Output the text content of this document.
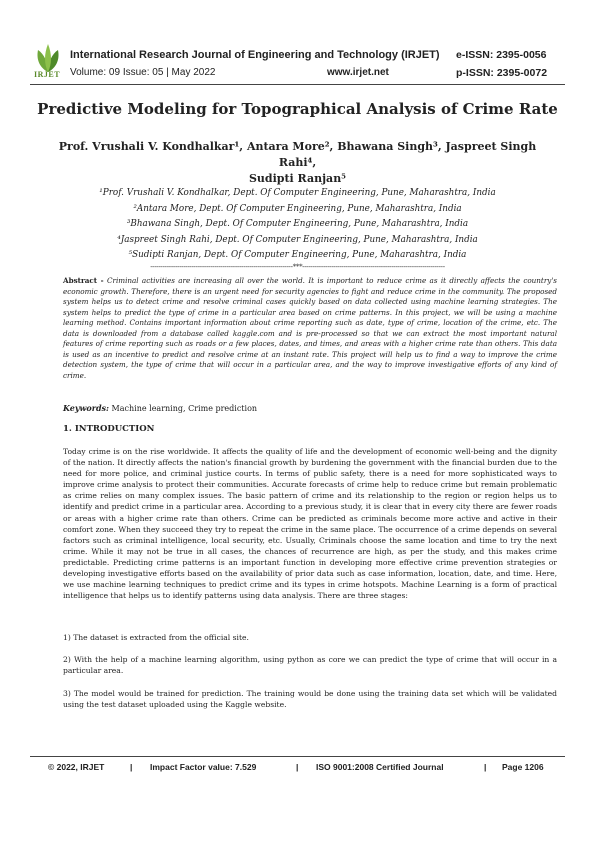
IRJET
International Research Journal of Engineering and Technology (IRJET)
Volume: 09 Issue: 05 | May 2022	www.irjet.net
e-ISSN: 2395-0056
p-ISSN: 2395-0072
Predictive Modeling for Topographical Analysis of Crime Rate
Prof. Vrushali V. Kondhalkar¹, Antara More², Bhawana Singh³, Jaspreet Singh Rahi⁴,
Sudipti Ranjan⁵
¹Prof. Vrushali V. Kondhalkar, Dept. Of Computer Engineering, Pune, Maharashtra, India
²Antara More, Dept. Of Computer Engineering, Pune, Maharashtra, India
³Bhawana Singh, Dept. Of Computer Engineering, Pune, Maharashtra, India
⁴Jaspreet Singh Rahi, Dept. Of Computer Engineering, Pune, Maharashtra, India
⁵Sudipti Ranjan, Dept. Of Computer Engineering, Pune, Maharashtra, India
---------------------------------------------------------------------***---------------------------------------------------------------------
Abstract - Criminal activities are increasing all over the world. It is important to reduce crime as it directly affects the country's economic growth. Therefore, there is an urgent need for security agencies to fight and reduce crime in the community. The proposed system helps us to detect crime and resolve criminal cases quickly based on data collected using machine learning strategies. The system helps to predict the type of crime in a particular area based on crime patterns. In this project, we will be using a machine learning method. Contains important information about crime reporting such as date, type of crime, location of the crime, etc. The data is downloaded from a database called kaggle.com and is pre-processed so that we can extract the most important natural features of crime reporting such as roads or a few places, dates, and times, and areas with a higher crime rate than others. This data is used as an incentive to predict and resolve crime at an instant rate. This project will help us to find a way to improve the crime detection system, the type of crime that will occur in a particular area, and the way to improve investigative efforts of any kind of crime.
Keywords: Machine learning, Crime prediction
1. INTRODUCTION
Today crime is on the rise worldwide. It affects the quality of life and the development of economic well-being and the dignity of the nation. It directly affects the nation's financial growth by burdening the government with the financial burden due to the need for more police, and criminal justice courts. In terms of public safety, there is a need for more sophisticated ways to improve crime analysis to protect their communities. Accurate forecasts of crime help to reduce crime but remain problematic as crime relies on many complex issues. The basic pattern of crime and its relationship to the region or region helps us to identify and predict crime in a particular area. According to a previous study, it is clear that in every city there are fewer roads or areas with a higher crime rate than others. Crime can be predicted as criminals become more active and active in their comfort zone. When they succeed they try to repeat the crime in the same place. The occurrence of a crime depends on several factors such as criminal intelligence, local security, etc. Usually, Criminals choose the same location and time to try the next crime. While it may not be true in all cases, the chances of recurrence are high, as per the study, and this makes crime predictable. Predicting crime patterns is an important function in developing more effective crime prevention strategies or developing investigative efforts based on the availability of prior data such as case information, location, date, and time. Here, we use machine learning techniques to predict crime and its types in crime hotspots. Machine Learning is a form of practical intelligence that helps us to identify patterns using data analysis. There are three stages:
1) The dataset is extracted from the official site.
2) With the help of a machine learning algorithm, using python as core we can predict the type of crime that will occur in a particular area.
3) The model would be trained for prediction. The training would be done using the training data set which will be validated using the test dataset uploaded using the Kaggle website.
© 2022, IRJET	| Impact Factor value: 7.529	| ISO 9001:2008 Certified Journal	| Page 1206
